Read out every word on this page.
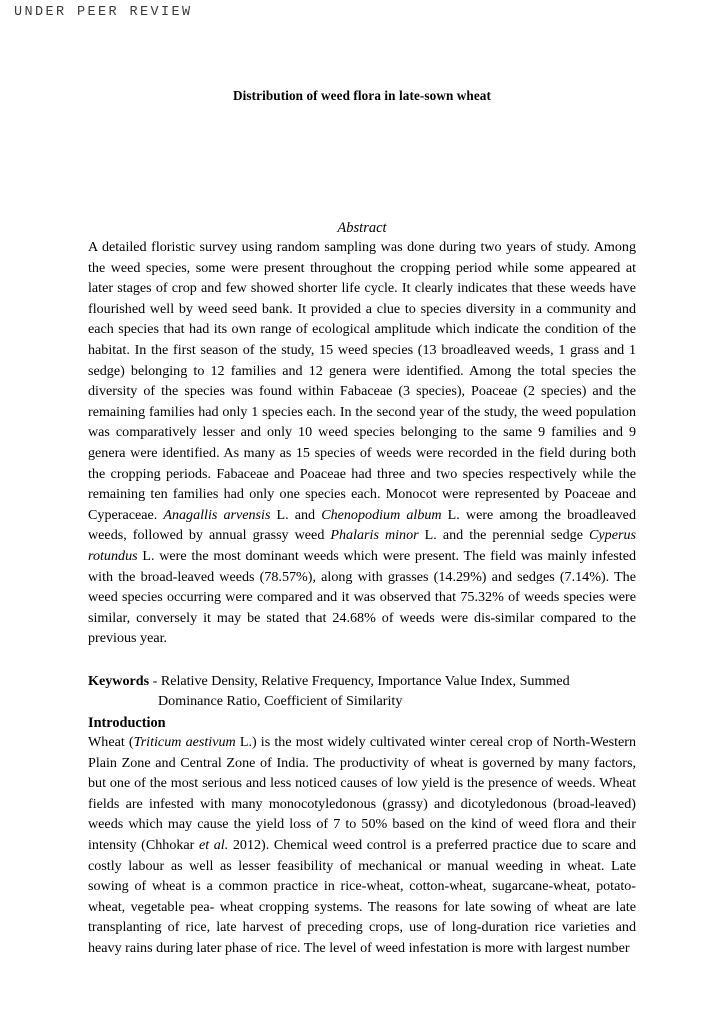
UNDER PEER REVIEW
Distribution of weed flora in late-sown wheat
Abstract

A detailed floristic survey using random sampling was done during two years of study. Among the weed species, some were present throughout the cropping period while some appeared at later stages of crop and few showed shorter life cycle. It clearly indicates that these weeds have flourished well by weed seed bank. It provided a clue to species diversity in a community and each species that had its own range of ecological amplitude which indicate the condition of the habitat. In the first season of the study, 15 weed species (13 broadleaved weeds, 1 grass and 1 sedge) belonging to 12 families and 12 genera were identified. Among the total species the diversity of the species was found within Fabaceae (3 species), Poaceae (2 species) and the remaining families had only 1 species each. In the second year of the study, the weed population was comparatively lesser and only 10 weed species belonging to the same 9 families and 9 genera were identified. As many as 15 species of weeds were recorded in the field during both the cropping periods. Fabaceae and Poaceae had three and two species respectively while the remaining ten families had only one species each. Monocot were represented by Poaceae and Cyperaceae. Anagallis arvensis L. and Chenopodium album L. were among the broadleaved weeds, followed by annual grassy weed Phalaris minor L. and the perennial sedge Cyperus rotundus L. were the most dominant weeds which were present. The field was mainly infested with the broad-leaved weeds (78.57%), along with grasses (14.29%) and sedges (7.14%). The weed species occurring were compared and it was observed that 75.32% of weeds species were similar, conversely it may be stated that 24.68% of weeds were dis-similar compared to the previous year.

Keywords - Relative Density, Relative Frequency, Importance Value Index, Summed
Dominance Ratio, Coefficient of Similarity
Introduction

Wheat (Triticum aestivum L.) is the most widely cultivated winter cereal crop of North-Western Plain Zone and Central Zone of India. The productivity of wheat is governed by many factors, but one of the most serious and less noticed causes of low yield is the presence of weeds. Wheat fields are infested with many monocotyledonous (grassy) and dicotyledonous (broad-leaved) weeds which may cause the yield loss of 7 to 50% based on the kind of weed flora and their intensity (Chhokar et al. 2012). Chemical weed control is a preferred practice due to scare and costly labour as well as lesser feasibility of mechanical or manual weeding in wheat. Late sowing of wheat is a common practice in rice-wheat, cotton-wheat, sugarcane-wheat, potato-wheat, vegetable pea- wheat cropping systems. The reasons for late sowing of wheat are late transplanting of rice, late harvest of preceding crops, use of long-duration rice varieties and heavy rains during later phase of rice. The level of weed infestation is more with largest number
